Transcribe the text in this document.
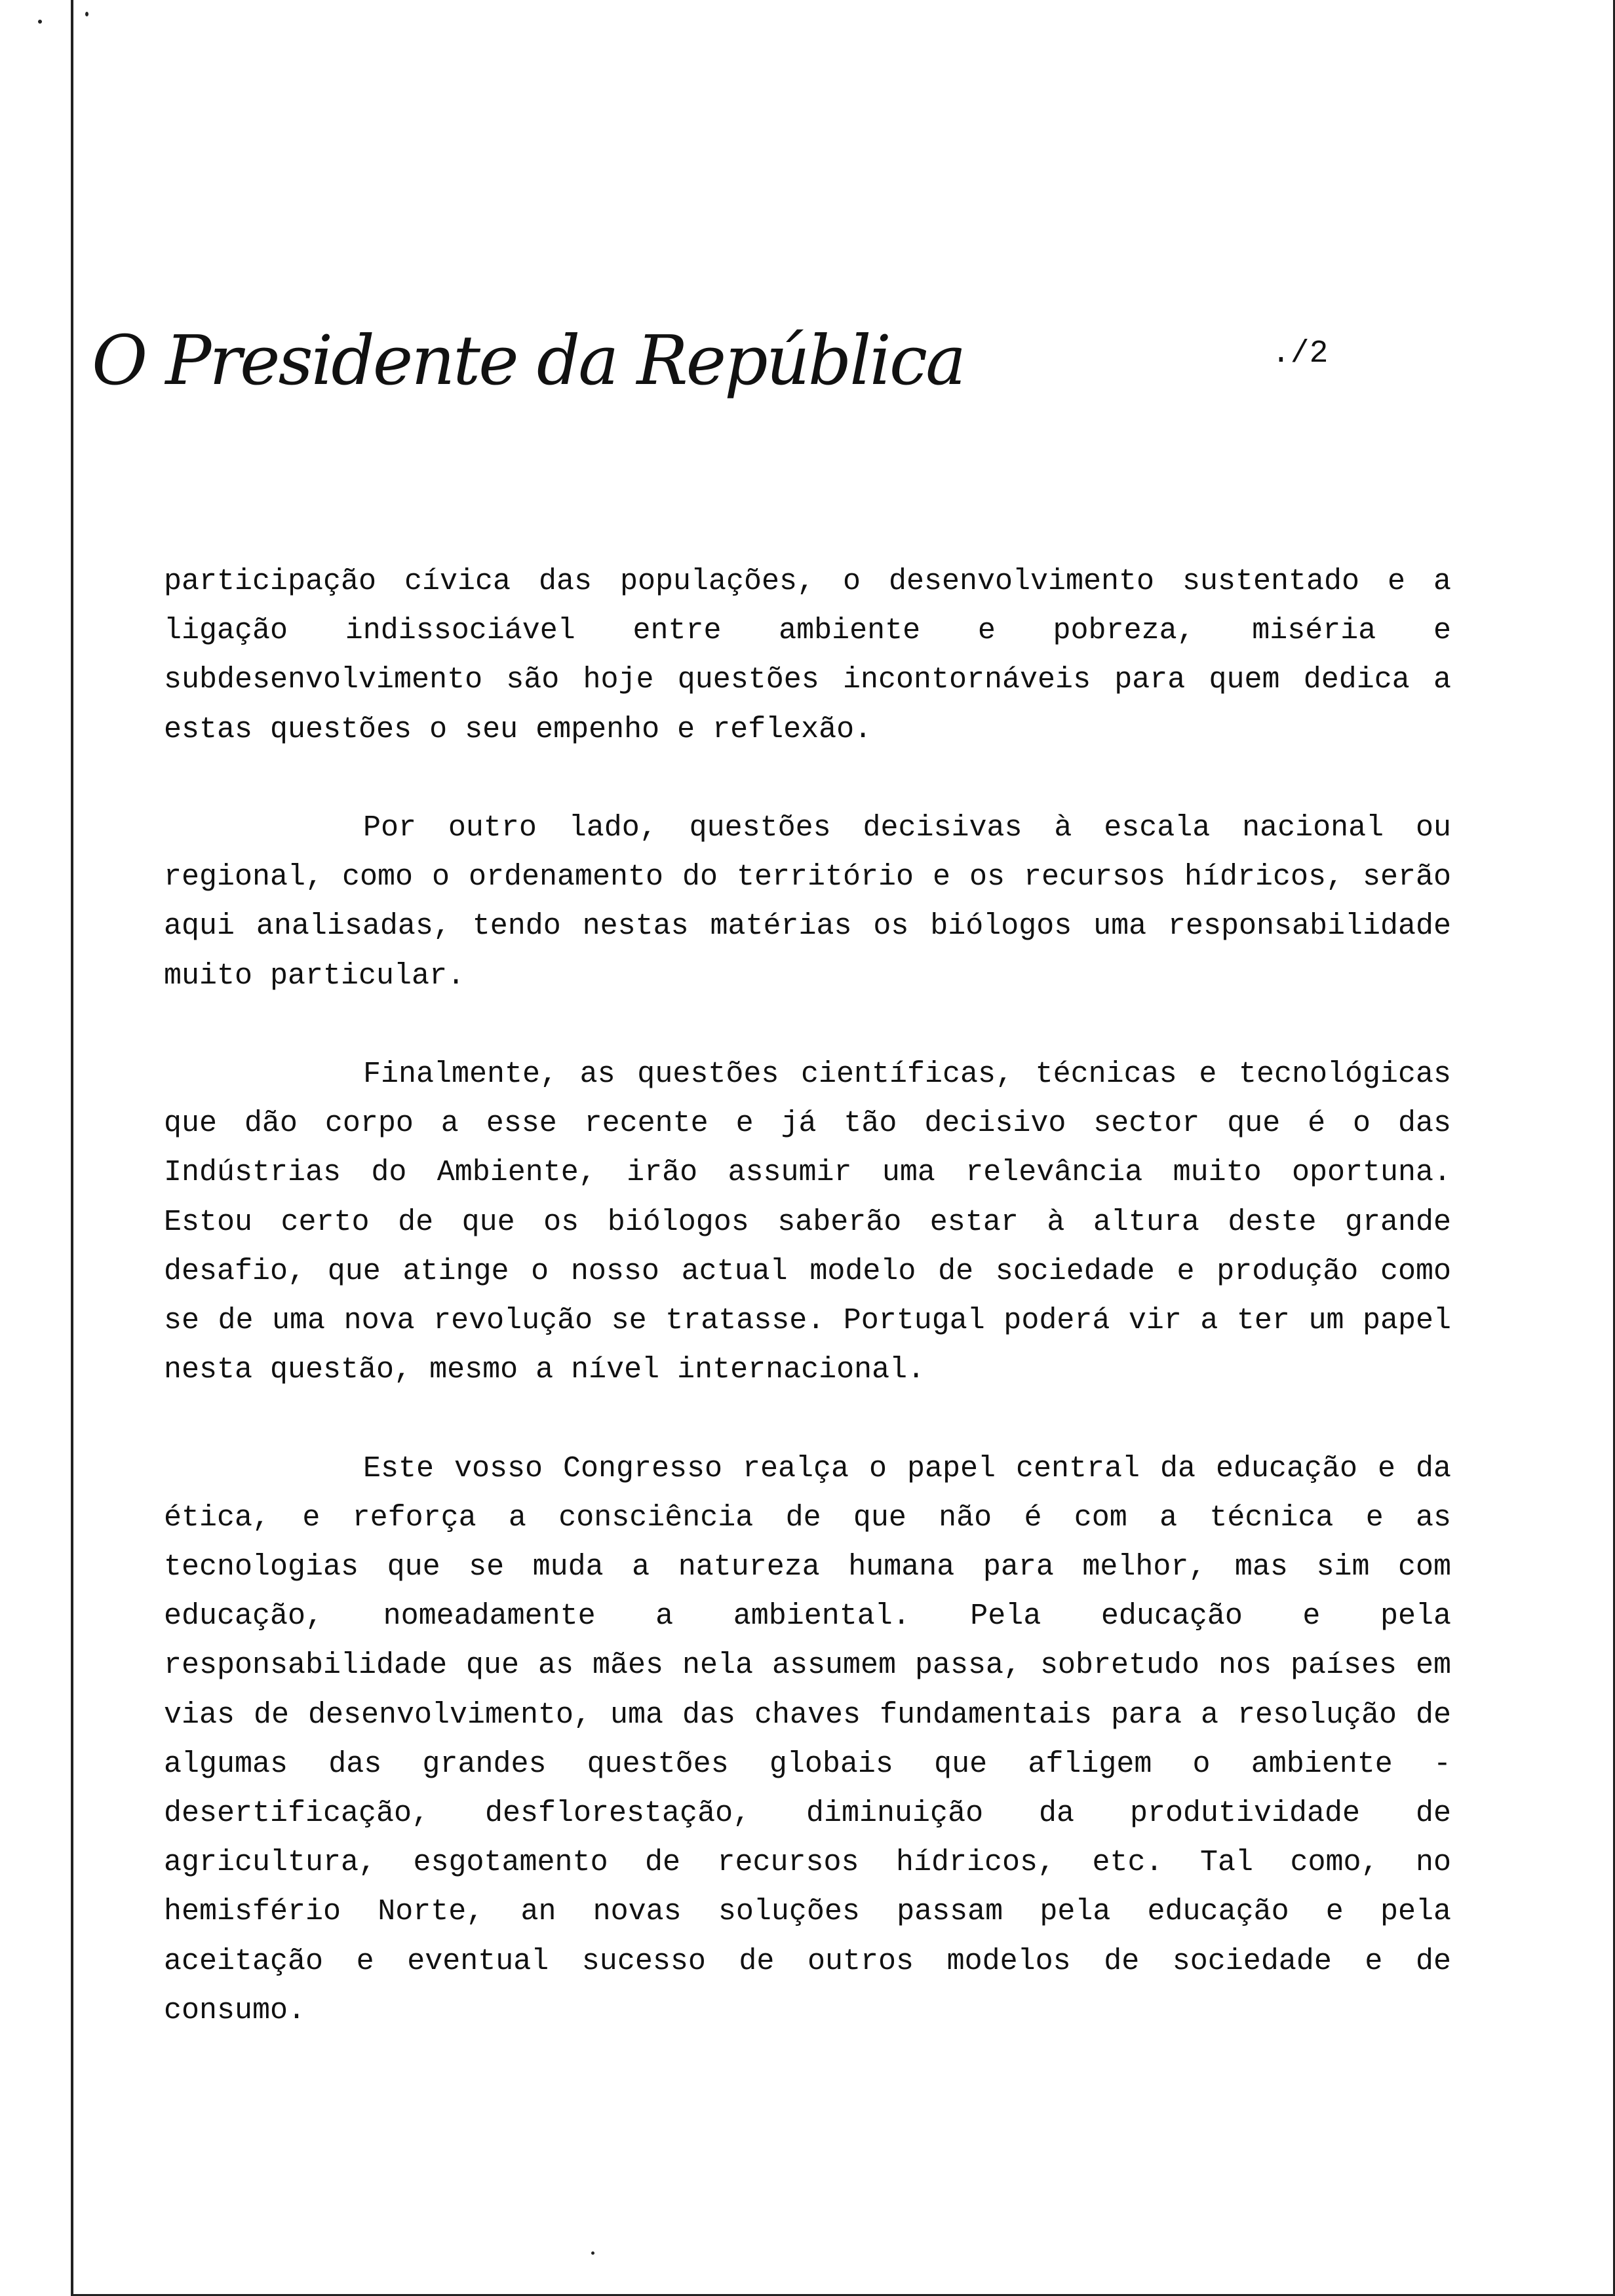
O Presidente da República	./2

participação cívica das populações, o desenvolvimento sustentado e a ligação indissociável entre ambiente e pobreza, miséria e subdesenvolvimento são hoje questões incontornáveis para quem dedica a estas questões o seu empenho e reflexão.

Por outro lado, questões decisivas à escala nacional ou regional, como o ordenamento do território e os recursos hídricos, serão aqui analisadas, tendo nestas matérias os biólogos uma responsabilidade muito particular.

Finalmente, as questões científicas, técnicas e tecnológicas que dão corpo a esse recente e já tão decisivo sector que é o das Indústrias do Ambiente, irão assumir uma relevância muito oportuna. Estou certo de que os biólogos saberão estar à altura deste grande desafio, que atinge o nosso actual modelo de sociedade e produção como se de uma nova revolução se tratasse. Portugal poderá vir a ter um papel nesta questão, mesmo a nível internacional.

Este vosso Congresso realça o papel central da educação e da ética, e reforça a consciência de que não é com a técnica e as tecnologias que se muda a natureza humana para melhor, mas sim com educação, nomeadamente a ambiental. Pela educação e pela responsabilidade que as mães nela assumem passa, sobretudo nos países em vias de desenvolvimento, uma das chaves fundamentais para a resolução de algumas das grandes questões globais que afligem o ambiente - desertificação, desflorestação, diminuição da produtividade de agricultura, esgotamento de recursos hídricos, etc. Tal como, no hemisfério Norte, an novas soluções passam pela educação e pela aceitação e eventual sucesso de outros modelos de sociedade e de consumo.
